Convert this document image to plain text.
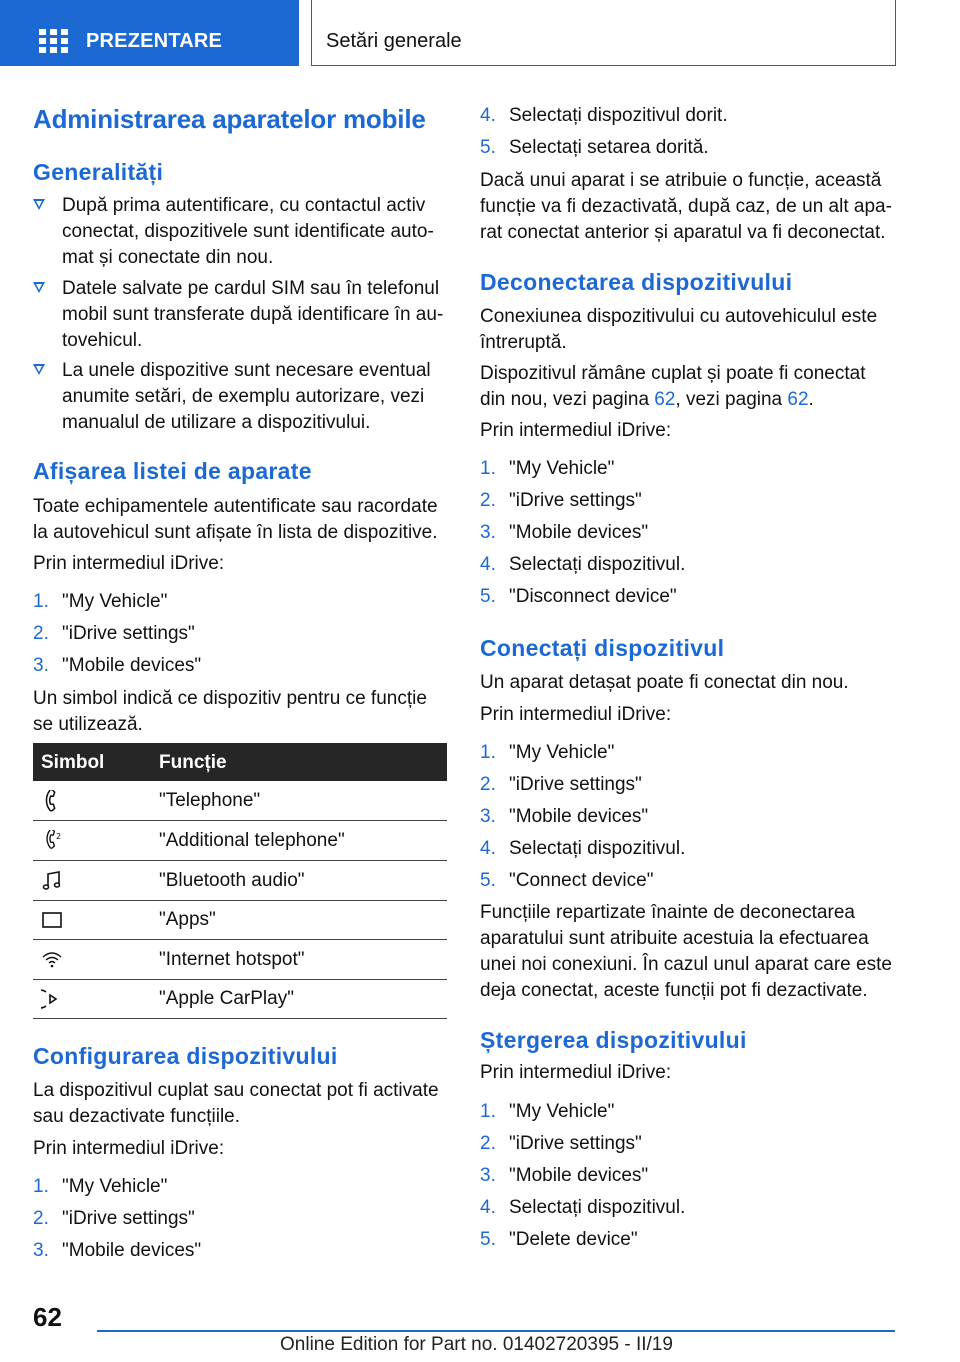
PREZENTARE	Setări generale
Administrarea aparatelor mobile
Generalități
După prima autentificare, cu contactul activ
conectat, dispozitivele sunt identificate auto-
mat și conectate din nou.
Datele salvate pe cardul SIM sau în telefonul
mobil sunt transferate după identificare în au-
tovehicul.
La unele dispozitive sunt necesare eventual
anumite setări, de exemplu autorizare, vezi
manualul de utilizare a dispozitivului.
Afișarea listei de aparate

Toate echipamentele autentificate sau racordate
la autovehicul sunt afișate în lista de dispozitive.

Prin intermediul iDrive:

1. "My Vehicle"
2. "iDrive settings"
3. "Mobile devices"

Un simbol indică ce dispozitiv pentru ce funcție
se utilizează.

Simbol	Funcție
"Telephone"
2	"Additional telephone"
"Bluetooth audio"
"Apps"
"Internet hotspot"
"Apple CarPlay"
Configurarea dispozitivului

La dispozitivul cuplat sau conectat pot fi activate
sau dezactivate funcțiile.

Prin intermediul iDrive:

1. "My Vehicle"
2. "iDrive settings"
3. "Mobile devices"
4. Selectați dispozitivul dorit.
5. Selectați setarea dorită.

Dacă unui aparat i se atribuie o funcție, această
funcție va fi dezactivată, după caz, de un alt apa-
rat conectat anterior și aparatul va fi deconectat.

Deconectarea dispozitivului

Conexiunea dispozitivului cu autovehiculul este
întreruptă.

Dispozitivul rămâne cuplat și poate fi conectat
din nou, vezi pagina 62, vezi pagina 62.

Prin intermediul iDrive:

1. "My Vehicle"
2. "iDrive settings"
3. "Mobile devices"
4. Selectați dispozitivul.
5. "Disconnect device"
Conectați dispozitivul

Un aparat detașat poate fi conectat din nou.

Prin intermediul iDrive:

1. "My Vehicle"
2. "iDrive settings"
3. "Mobile devices"
4. Selectați dispozitivul.
5. "Connect device"

Funcțiile repartizate înainte de deconectarea
aparatului sunt atribuite acestuia la efectuarea
unei noi conexiuni. În cazul unul aparat care este
deja conectat, aceste funcții pot fi dezactivate.

Ștergerea dispozitivului

Prin intermediul iDrive:

1. "My Vehicle"
2. "iDrive settings"
3. "Mobile devices"
4. Selectați dispozitivul.
5. "Delete device"
62
Online Edition for Part no. 01402720395 - II/19
